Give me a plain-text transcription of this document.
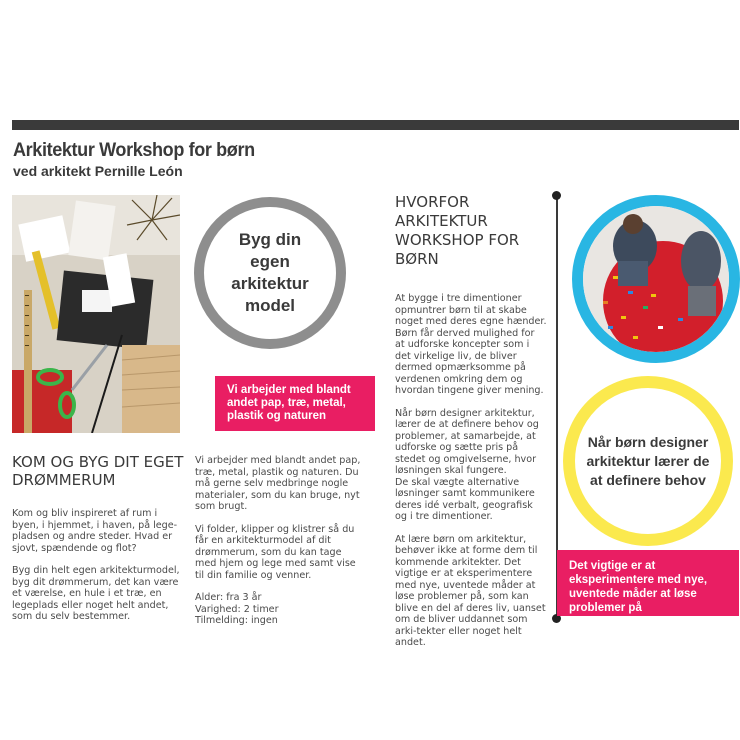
Arkitektur Workshop for børn
ved arkitekt Pernille León
Byg din egen arkitektur model
Vi arbejder med blandt andet pap, træ, metal, plastik og naturen
KOM OG BYG DIT EGET DRØMMERUM

Kom og bliv inspireret af rum i byen, i hjemmet, i haven, på lege-pladsen og andre steder. Hvad er sjovt, spændende og flot?

Byg din helt egen arkitekturmodel, byg dit drømmerum, det kan være et værelse, en hule i et træ, en legeplads eller noget helt andet, som du selv bestemmer.

Vi arbejder med blandt andet pap, træ, metal, plastik og naturen. Du må gerne selv medbringe nogle materialer, som du kan bruge, nyt som brugt.

Vi folder, klipper og klistrer så du får en arkitekturmodel af dit drømmerum, som du kan tage med hjem og lege med samt vise til din familie og venner.

Alder: fra 3 år
Varighed: 2 timer
Tilmelding: ingen

HVORFOR ARKITEKTUR WORKSHOP FOR BØRN

At bygge i tre dimentioner opmuntrer børn til at skabe noget med deres egne hænder. Børn får derved mulighed for at udforske koncepter som i det virkelige liv, de bliver dermed opmærksomme på verdenen omkring dem og hvordan tingene giver mening.

Når børn designer arkitektur, lærer de at definere behov og problemer, at samarbejde, at udforske og sætte pris på stedet og omgivelserne, hvor løsningen skal fungere.
De skal vægte alternative løsninger samt kommunikere deres idé verbalt, geografisk og i tre dimentioner.

At lære børn om arkitektur, behøver ikke at forme dem til kommende arkitekter. Det vigtige er at eksperimentere med nye, uventede måder at løse problemer på, som kan blive en del af deres liv, uanset om de bliver uddannet som arki-tekter eller noget helt andet.

Når børn designer arkitektur lærer de at definere behov
Det vigtige er at eksperimentere med nye, uventede måder at løse problemer på
